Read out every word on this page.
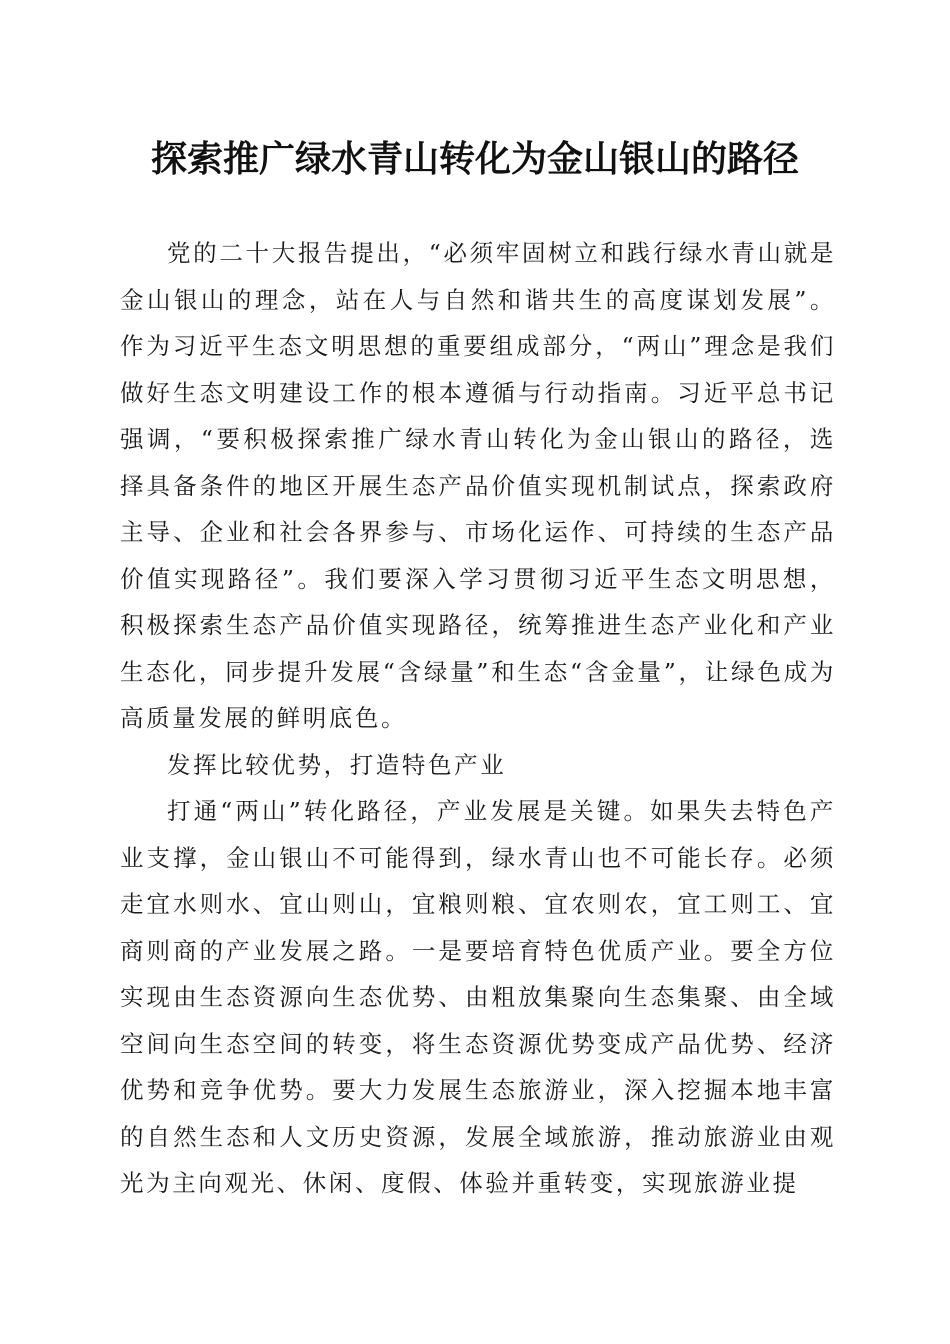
探索推广绿水青山转化为金山银山的路径

党的二十大报告提出，“必须牢固树立和践行绿水青山就是金山银山的理念，站在人与自然和谐共生的高度谋划发展”。作为习近平生态文明思想的重要组成部分，“两山”理念是我们做好生态文明建设工作的根本遵循与行动指南。习近平总书记强调，“要积极探索推广绿水青山转化为金山银山的路径，选择具备条件的地区开展生态产品价值实现机制试点，探索政府主导、企业和社会各界参与、市场化运作、可持续的生态产品价值实现路径”。我们要深入学习贯彻习近平生态文明思想，积极探索生态产品价值实现路径，统筹推进生态产业化和产业生态化，同步提升发展“含绿量”和生态“含金量”，让绿色成为高质量发展的鲜明底色。

发挥比较优势，打造特色产业

打通“两山”转化路径，产业发展是关键。如果失去特色产业支撑，金山银山不可能得到，绿水青山也不可能长存。必须走宜水则水、宜山则山，宜粮则粮、宜农则农，宜工则工、宜商则商的产业发展之路。一是要培育特色优质产业。要全方位实现由生态资源向生态优势、由粗放集聚向生态集聚、由全域空间向生态空间的转变，将生态资源优势变成产品优势、经济优势和竞争优势。要大力发展生态旅游业，深入挖掘本地丰富的自然生态和人文历史资源，发展全域旅游，推动旅游业由观光为主向观光、休闲、度假、体验并重转变，实现旅游业提
